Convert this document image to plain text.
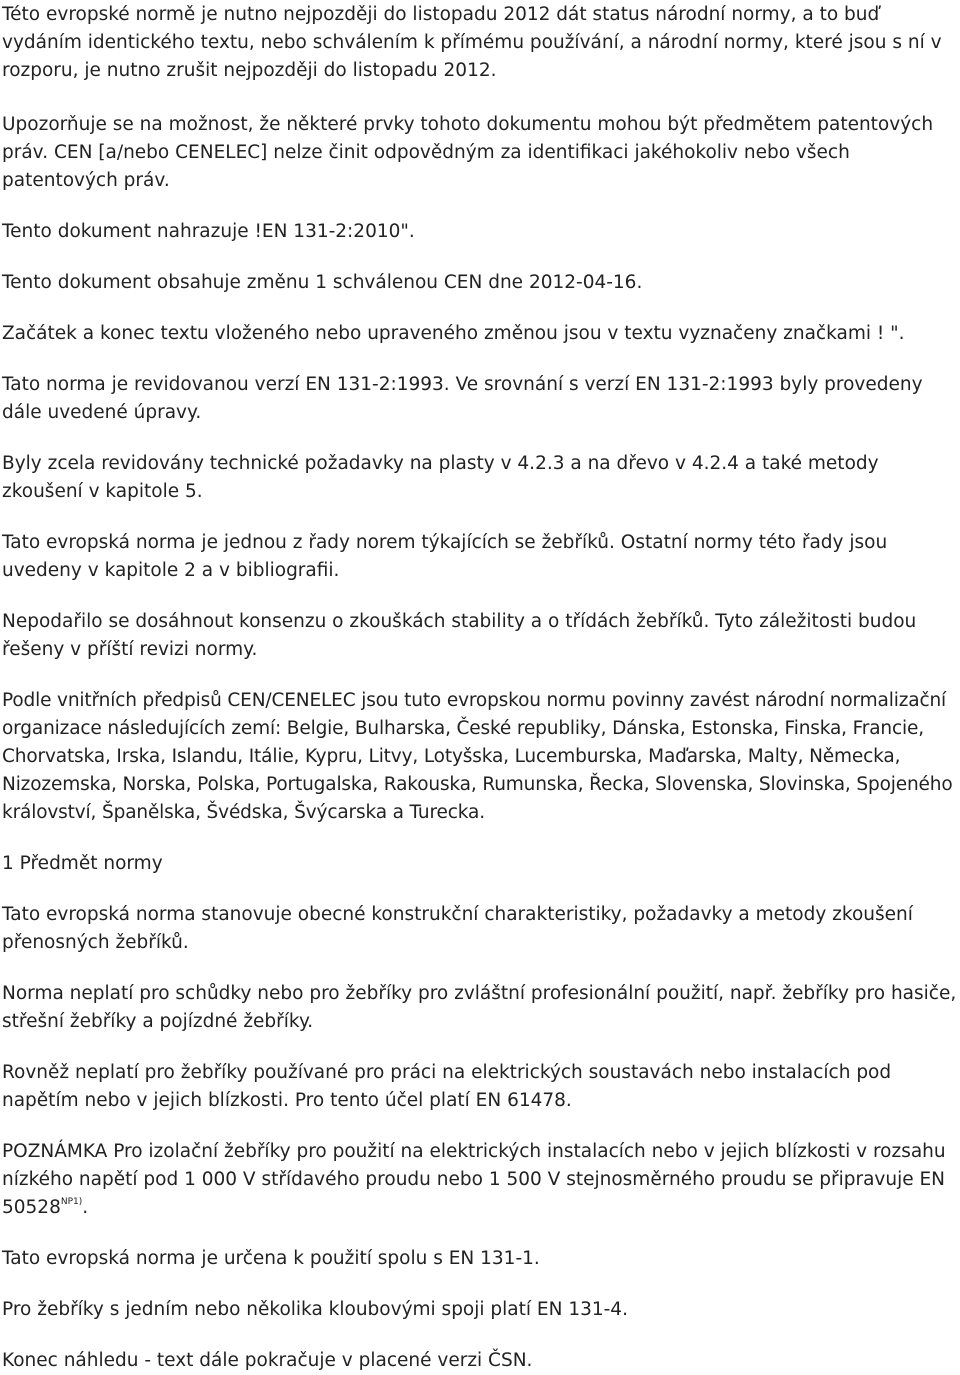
Této evropské normě je nutno nejpozději do listopadu 2012 dát status národní normy, a to buď vydáním identického textu, nebo schválením k přímému používání, a národní normy, které jsou s ní v rozporu, je nutno zrušit nejpozději do listopadu 2012.

Upozorňuje se na možnost, že některé prvky tohoto dokumentu mohou být předmětem patentových práv. CEN [a/nebo CENELEC] nelze činit odpovědným za identifikaci jakéhokoliv nebo všech patentových práv.

Tento dokument nahrazuje !EN 131-2:2010".

Tento dokument obsahuje změnu 1 schválenou CEN dne 2012-04-16.

Začátek a konec textu vloženého nebo upraveného změnou jsou v textu vyznačeny značkami ! ".

Tato norma je revidovanou verzí EN 131-2:1993. Ve srovnání s verzí EN 131-2:1993 byly provedeny dále uvedené úpravy.

Byly zcela revidovány technické požadavky na plasty v 4.2.3 a na dřevo v 4.2.4 a také metody zkoušení v kapitole 5.

Tato evropská norma je jednou z řady norem týkajících se žebříků. Ostatní normy této řady jsou uvedeny v kapitole 2 a v bibliografii.

Nepodařilo se dosáhnout konsenzu o zkouškách stability a o třídách žebříků. Tyto záležitosti budou řešeny v příští revizi normy.

Podle vnitřních předpisů CEN/CENELEC jsou tuto evropskou normu povinny zavést národní normalizační organizace následujících zemí: Belgie, Bulharska, České republiky, Dánska, Estonska, Finska, Francie, Chorvatska, Irska, Islandu, Itálie, Kypru, Litvy, Lotyšska, Lucemburska, Maďarska, Malty, Německa, Nizozemska, Norska, Polska, Portugalska, Rakouska, Rumunska, Řecka, Slovenska, Slovinska, Spojeného království, Španělska, Švédska, Švýcarska a Turecka.

1 Předmět normy

Tato evropská norma stanovuje obecné konstrukční charakteristiky, požadavky a metody zkoušení přenosných žebříků.

Norma neplatí pro schůdky nebo pro žebříky pro zvláštní profesionální použití, např. žebříky pro hasiče, střešní žebříky a pojízdné žebříky.

Rovněž neplatí pro žebříky používané pro práci na elektrických soustavách nebo instalacích pod napětím nebo v jejich blízkosti. Pro tento účel platí EN 61478.

POZNÁMKA Pro izolační žebříky pro použití na elektrických instalacích nebo v jejich blízkosti v rozsahu nízkého napětí pod 1 000 V střídavého proudu nebo 1 500 V stejnosměrného proudu se připravuje EN $50528^{NP1)}$.

Tato evropská norma je určena k použití spolu s EN 131-1.

Pro žebříky s jedním nebo několika kloubovými spoji platí EN 131-4.

Konec náhledu - text dále pokračuje v placené verzi ČSN.
